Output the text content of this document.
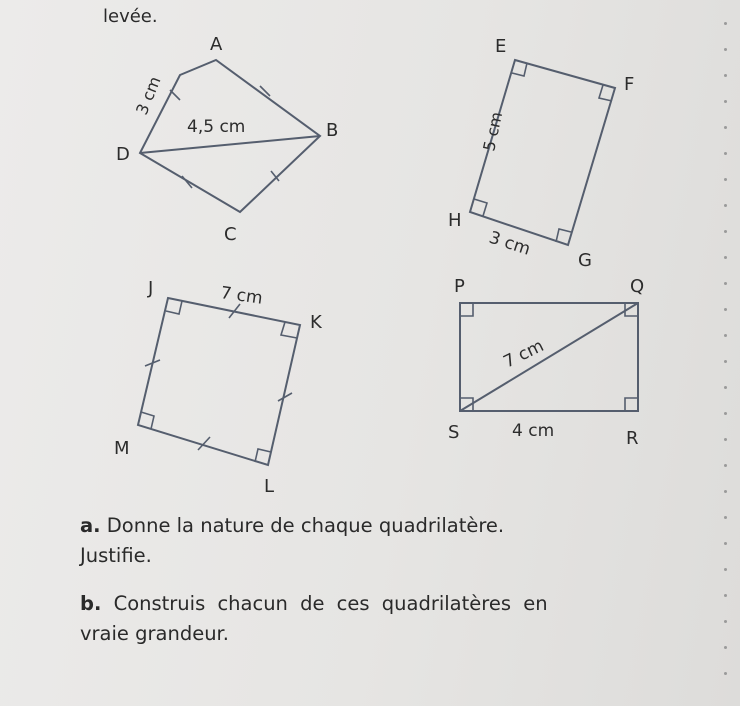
levée.
A
B
C
D
3 cm
4,5 cm
E
F
G
H
5 cm
3 cm
J
K
L
M
7 cm	P	Q
R
S
7 cm
4 cm
a. Donne la nature de chaque quadrilatère.
Justifie.
b. Construis chacun de ces quadrilatères en
vraie grandeur.
